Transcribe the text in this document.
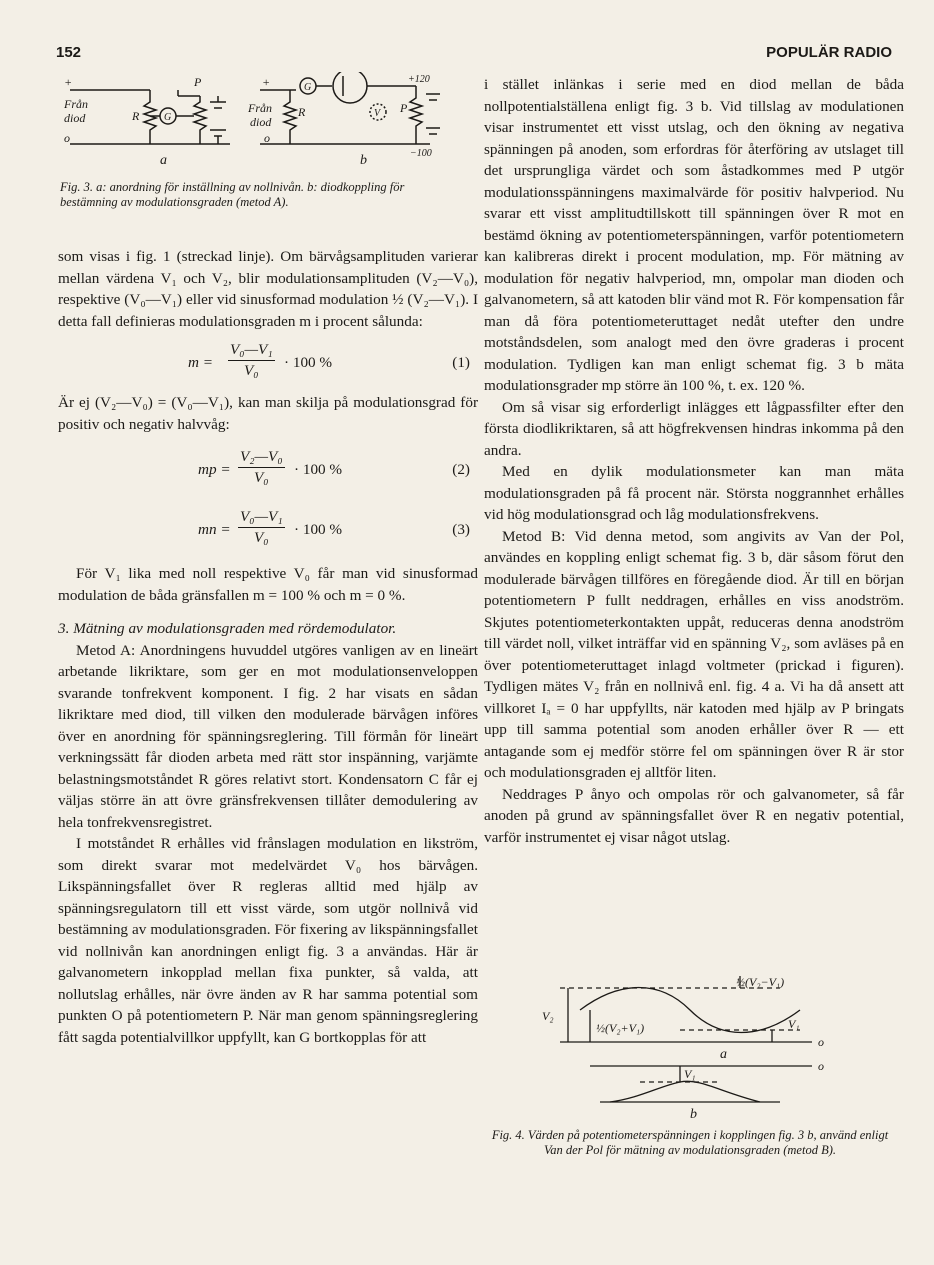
152	POPULÄR RADIO
+
Från
diod
o
R G
P
a
+
Från
diod
o
R
G
V P
+120
−100
b
Fig. 3. a: anordning för inställning av nollnivån. b: diodkoppling för bestämning av modulationsgraden (metod A).

som visas i fig. 1 (streckad linje). Om bärvågsamplituden varierar mellan värdena V₁ och V₂, blir modulationsamplituden (V₂—V₀), respektive (V₀—V₁) eller vid sinusformad modulation ½ (V₂—V₁). I detta fall definieras modulationsgraden m i procent sålunda:

$m = \frac{\text{V₀—V₁}}{\text{V₀}} \cdot 100$ %	(1)

Är ej (V₂—V₀) = (V₀—V₁), kan man skilja på modulationsgrad för positiv och negativ halvvåg:

mp = $\frac{\text{V₂—V₀}}{\text{V₀}} \cdot 100$ %	(2)
mn = $\frac{\text{V₀—V₁}}{\text{V₀}} \cdot 100$ %	(3)

För V₁ lika med noll respektive V₀ får man vid sinusformad modulation de båda gränsfallen m = 100 % och m = 0 %.

3. Mätning av modulationsgraden med rördemodulator.

Metod A: Anordningens huvuddel utgöres vanligen av en lineärt arbetande likriktare, som ger en mot modulationsenveloppen svarande tonfrekvent komponent. I fig. 2 har visats en sådan likriktare med diod, till vilken den modulerade bärvågen införes över en anordning för spänningsreglering. Till förmån för lineärt verkningssätt får dioden arbeta med rätt stor inspänning, varjämte belastningsmotståndet R göres relativt stort. Kondensatorn C får ej väljas större än att övre gränsfrekvensen tillåter demodulering av hela tonfrekvensregistret.

I motståndet R erhålles vid frånslagen modulation en likström, som direkt svarar mot medelvärdet V₀ hos bärvågen. Likspänningsfallet över R regleras alltid med hjälp av spänningsregulatorn till ett visst värde, som utgör nollnivå vid bestämning av modulationsgraden. För fixering av likspänningsfallet vid nollnivån kan anordningen enligt fig. 3 a användas. Här är galvanometern inkopplad mellan fixa punkter, så valda, att nollutslag erhålles, när övre änden av R har samma potential som punkten O på potentiometern P. När man genom spänningsreglering fått sagda potentialvillkor uppfyllt, kan G bortkopplas för att

i stället inlänkas i serie med en diod mellan de båda nollpotentialställena enligt fig. 3 b. Vid tillslag av modulationen visar instrumentet ett visst utslag, och den ökning av negativa spänningen på anoden, som erfordras för återföring av utslaget till det ursprungliga värdet och som åstadkommes med P utgör modulationsspänningens maximalvärde för positiv halvperiod. Nu svarar ett visst amplitudtillskott till spänningen över R mot en bestämd ökning av potentiometerspänningen, varför potentiometern kan kalibreras direkt i procent modulation, mp. För mätning av modulation för negativ halvperiod, mn, ompolar man dioden och galvanometern, så att katoden blir vänd mot R. För kompensation får man då föra potentiometeruttaget nedåt utefter den undre motståndsdelen, som analogt med den övre graderas i procent modulation. Tydligen kan man enligt schemat fig. 3 b mäta modulationsgrader mp större än 100 %, t. ex. 120 %.

Om så visar sig erforderligt inlägges ett lågpassfilter efter den första diodlikriktaren, så att högfrekvensen hindras inkomma på den andra.

Med en dylik modulationsmeter kan man mäta modulationsgraden på få procent när. Största noggrannhet erhålles vid hög modulationsgrad och låg modulationsfrekvens.

Metod B: Vid denna metod, som angivits av Van der Pol, användes en koppling enligt schemat fig. 3 b, där såsom förut den modulerade bärvågen tillföres en föregående diod. Är till en början potentiometern P fullt neddragen, erhålles en viss anodström. Skjutes potentiometerkontakten uppåt, reduceras denna anodström till värdet noll, vilket inträffar vid en spänning V₂, som avläses på en över potentiometeruttaget inlagd voltmeter (prickad i figuren). Tydligen mätes V₂ från en nollnivå enl. fig. 4 a. Vi ha då ansett att villkoret Iₐ = 0 har uppfyllts, när katoden med hjälp av P bringats upp till samma potential som anoden erhåller över R — ett antagande som ej medför större fel om spänningen över R är stor och modulationsgraden ej alltför liten.

Neddrages P ånyo och ompolas rör och galvanometer, så får anoden på grund av spänningsfallet över R en negativ potential, varför instrumentet ej visar något utslag.

V₂
½(V₂+V₁)
½(V₂−V₁)
V₁
o
a
V₁
o
b
Fig. 4. Värden på potentiometerspänningen i kopplingen fig. 3 b, använd enligt Van der Pol för mätning av modulationsgraden (metod B).
